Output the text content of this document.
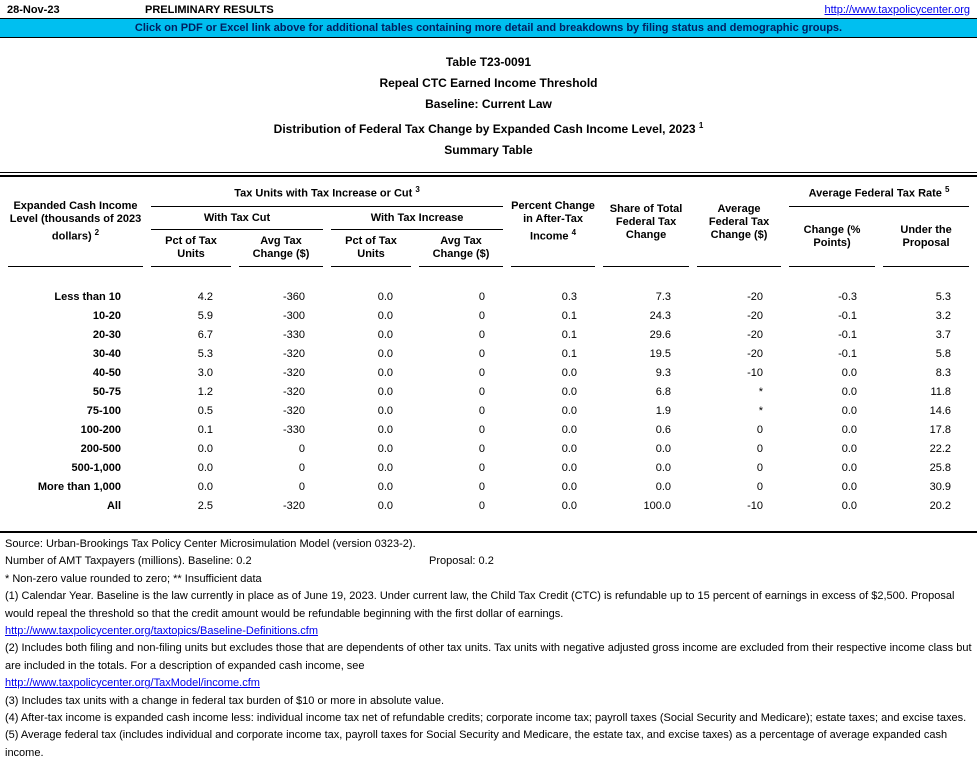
28-Nov-23	PRELIMINARY RESULTS	http://www.taxpolicycenter.org
Click on PDF or Excel link above for additional tables containing more detail and breakdowns by filing status and demographic groups.
Table T23-0091
Repeal CTC Earned Income Threshold
Baseline: Current Law
Distribution of Federal Tax Change by Expanded Cash Income Level, 2023 $^1$
Summary Table
Expanded Cash Income Level (thousands of 2023 dollars) $^2$	Tax Units with Tax Increase or Cut $^3$				Percent Change in After-Tax Income $^4$	Share of Total Federal Tax Change	Average Federal Tax Change ($)	Average Federal Tax Rate $^5$
	With Tax Cut		With Tax Increase					Change (% Points)	Under the Proposal
	Pct of Tax Units	Avg Tax Change ($)	Pct of Tax Units	Avg Tax Change ($)					

Less than 10	4.2	-360	0.0	0	0.3	7.3	-20	-0.3	5.3
10-20	5.9	-300	0.0	0	0.1	24.3	-20	-0.1	3.2
20-30	6.7	-330	0.0	0	0.1	29.6	-20	-0.1	3.7
30-40	5.3	-320	0.0	0	0.1	19.5	-20	-0.1	5.8
40-50	3.0	-320	0.0	0	0.0	9.3	-10	0.0	8.3
50-75	1.2	-320	0.0	0	0.0	6.8	*	0.0	11.8
75-100	0.5	-320	0.0	0	0.0	1.9	*	0.0	14.6
100-200	0.1	-330	0.0	0	0.0	0.6	0	0.0	17.8
200-500	0.0	0	0.0	0	0.0	0.0	0	0.0	22.2
500-1,000	0.0	0	0.0	0	0.0	0.0	0	0.0	25.8
More than 1,000	0.0	0	0.0	0	0.0	0.0	0	0.0	30.9
All	2.5	-320	0.0	0	0.0	100.0	-10	0.0	20.2
Source: Urban-Brookings Tax Policy Center Microsimulation Model (version 0323-2).
Number of AMT Taxpayers (millions). Baseline: 0.2	Proposal: 0.2
* Non-zero value rounded to zero; ** Insufficient data
(1) Calendar Year. Baseline is the law currently in place as of June 19, 2023. Under current law, the Child Tax Credit (CTC) is refundable up to 15 percent of earnings in excess of $2,500. Proposal would repeal the threshold so that the credit amount would be refundable beginning with the first dollar of earnings.
http://www.taxpolicycenter.org/taxtopics/Baseline-Definitions.cfm
(2) Includes both filing and non-filing units but excludes those that are dependents of other tax units. Tax units with negative adjusted gross income are excluded from their respective income class but are included in the totals. For a description of expanded cash income, see
http://www.taxpolicycenter.org/TaxModel/income.cfm
(3) Includes tax units with a change in federal tax burden of $10 or more in absolute value.
(4) After-tax income is expanded cash income less: individual income tax net of refundable credits; corporate income tax; payroll taxes (Social Security and Medicare); estate taxes; and excise taxes.
(5) Average federal tax (includes individual and corporate income tax, payroll taxes for Social Security and Medicare, the estate tax, and excise taxes) as a percentage of average expanded cash income.
